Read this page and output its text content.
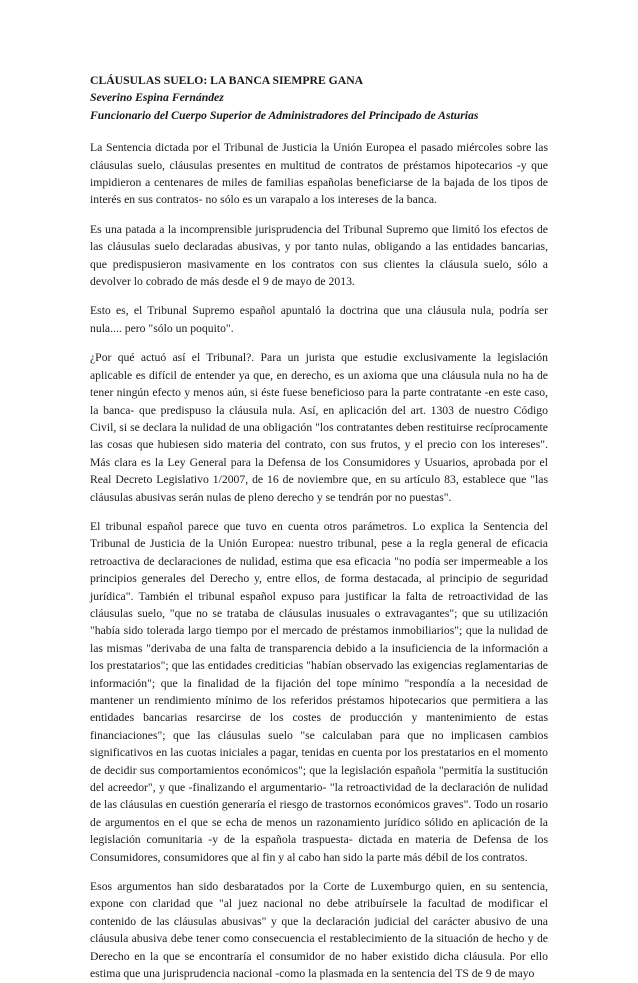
CLÁUSULAS SUELO: LA BANCA SIEMPRE GANA
Severino Espina Fernández
Funcionario del Cuerpo Superior de Administradores del Principado de Asturias

La Sentencia dictada por el Tribunal de Justicia la Unión Europea el pasado miércoles sobre las cláusulas suelo, cláusulas presentes en multitud de contratos de préstamos hipotecarios -y que impidieron a centenares de miles de familias españolas beneficiarse de la bajada de los tipos de interés en sus contratos- no sólo es un varapalo a los intereses de la banca.

Es una patada a la incomprensible jurisprudencia del Tribunal Supremo que limitó los efectos de las cláusulas suelo declaradas abusivas, y por tanto nulas, obligando a las entidades bancarias, que predispusieron masivamente en los contratos con sus clientes la cláusula suelo, sólo a devolver lo cobrado de más desde el 9 de mayo de 2013.

Esto es, el Tribunal Supremo español apuntaló la doctrina que una cláusula nula, podría ser nula.... pero "sólo un poquito".

¿Por qué actuó así el Tribunal?. Para un jurista que estudie exclusivamente la legislación aplicable es difícil de entender ya que, en derecho, es un axioma que una cláusula nula no ha de tener ningún efecto y menos aún, si éste fuese beneficioso para la parte contratante -en este caso, la banca- que predispuso la cláusula nula. Así, en aplicación del art. 1303 de nuestro Código Civil, si se declara la nulidad de una obligación "los contratantes deben restituirse recíprocamente las cosas que hubiesen sido materia del contrato, con sus frutos, y el precio con los intereses". Más clara es la Ley General para la Defensa de los Consumidores y Usuarios, aprobada por el Real Decreto Legislativo 1/2007, de 16 de noviembre que, en su artículo 83, establece que "las cláusulas abusivas serán nulas de pleno derecho y se tendrán por no puestas".

El tribunal español parece que tuvo en cuenta otros parámetros. Lo explica la Sentencia del Tribunal de Justicia de la Unión Europea: nuestro tribunal, pese a la regla general de eficacia retroactiva de declaraciones de nulidad, estima que esa eficacia "no podía ser impermeable a los principios generales del Derecho y, entre ellos, de forma destacada, al principio de seguridad jurídica". También el tribunal español expuso para justificar la falta de retroactividad de las cláusulas suelo, "que no se trataba de cláusulas inusuales o extravagantes"; que su utilización "había sido tolerada largo tiempo por el mercado de préstamos inmobiliarios"; que la nulidad de las mismas "derivaba de una falta de transparencia debido a la insuficiencia de la información a los prestatarios"; que las entidades crediticias "habían observado las exigencias reglamentarias de información"; que la finalidad de la fijación del tope mínimo "respondía a la necesidad de mantener un rendimiento mínimo de los referidos préstamos hipotecarios que permitiera a las entidades bancarias resarcirse de los costes de producción y mantenimiento de estas financiaciones"; que las cláusulas suelo "se calculaban para que no implicasen cambios significativos en las cuotas iniciales a pagar, tenidas en cuenta por los prestatarios en el momento de decidir sus comportamientos económicos"; que la legislación española "permitía la sustitución del acreedor", y que -finalizando el argumentario- "la retroactividad de la declaración de nulidad de las cláusulas en cuestión generaría el riesgo de trastornos económicos graves". Todo un rosario de argumentos en el que se echa de menos un razonamiento jurídico sólido en aplicación de la legislación comunitaria -y de la española traspuesta- dictada en materia de Defensa de los Consumidores, consumidores que al fin y al cabo han sido la parte más débil de los contratos.

Esos argumentos han sido desbaratados por la Corte de Luxemburgo quien, en su sentencia, expone con claridad que "al juez nacional no debe atribuírsele la facultad de modificar el contenido de las cláusulas abusivas" y que la declaración judicial del carácter abusivo de una cláusula abusiva debe tener como consecuencia el restablecimiento de la situación de hecho y de Derecho en la que se encontraría el consumidor de no haber existido dicha cláusula. Por ello estima que una jurisprudencia nacional -como la plasmada en la sentencia del TS de 9 de mayo
